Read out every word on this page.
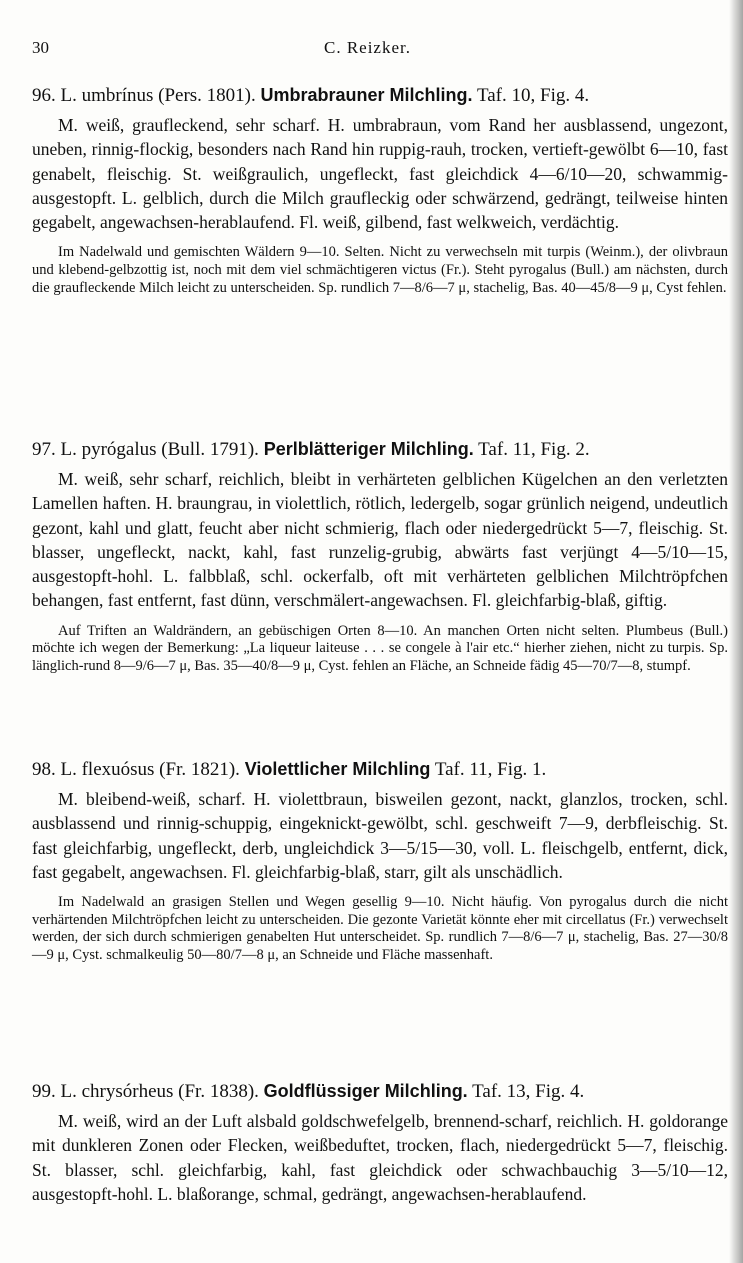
30	C. Reizker.
96. L. umbrínus (Pers. 1801). Umbrabrauner Milchling. Taf. 10, Fig. 4.
M. weiß, graufleckend, sehr scharf. H. umbrabraun, vom Rand her ausblassend, ungezont, uneben, rinnig-flockig, besonders nach Rand hin ruppig-rauh, trocken, vertieft-gewölbt 6—10, fast genabelt, fleischig. St. weißgraulich, ungefleckt, fast gleichdick 4—6/10—20, schwammig-ausgestopft. L. gelblich, durch die Milch graufleckig oder schwärzend, gedrängt, teilweise hinten gegabelt, angewachsen-herablaufend. Fl. weiß, gilbend, fast welkweich, verdächtig.
Im Nadelwald und gemischten Wäldern 9—10. Selten. Nicht zu verwechseln mit turpis (Weinm.), der olivbraun und klebend-gelbzottig ist, noch mit dem viel schmächtigeren victus (Fr.). Steht pyrogalus (Bull.) am nächsten, durch die graufleckende Milch leicht zu unterscheiden. Sp. rundlich 7—8/6—7 μ, stachelig, Bas. 40—45/8—9 μ, Cyst fehlen.
97. L. pyrógalus (Bull. 1791). Perlblätteriger Milchling. Taf. 11, Fig. 2.
M. weiß, sehr scharf, reichlich, bleibt in verhärteten gelblichen Kügelchen an den verletzten Lamellen haften. H. braungrau, in violettlich, rötlich, ledergelb, sogar grünlich neigend, undeutlich gezont, kahl und glatt, feucht aber nicht schmierig, flach oder niedergedrückt 5—7, fleischig. St. blasser, ungefleckt, nackt, kahl, fast runzelig-grubig, abwärts fast verjüngt 4—5/10—15, ausgestopft-hohl. L. falbblaß, schl. ockerfalb, oft mit verhärteten gelblichen Milchtröpfchen behangen, fast entfernt, fast dünn, verschmälert-angewachsen. Fl. gleichfarbig-blaß, giftig.
Auf Triften an Waldrändern, an gebüschigen Orten 8—10. An manchen Orten nicht selten. Plumbeus (Bull.) möchte ich wegen der Bemerkung: „La liqueur laiteuse . . . se congele à l'air etc.“ hierher ziehen, nicht zu turpis. Sp. länglich-rund 8—9/6—7 μ, Bas. 35—40/8—9 μ, Cyst. fehlen an Fläche, an Schneide fädig 45—70/7—8, stumpf.
98. L. flexuósus (Fr. 1821). Violettlicher Milchling Taf. 11, Fig. 1.
M. bleibend-weiß, scharf. H. violettbraun, bisweilen gezont, nackt, glanzlos, trocken, schl. ausblassend und rinnig-schuppig, eingeknickt-gewölbt, schl. geschweift 7—9, derbfleischig. St. fast gleichfarbig, ungefleckt, derb, ungleichdick 3—5/15—30, voll. L. fleischgelb, entfernt, dick, fast gegabelt, angewachsen. Fl. gleichfarbig-blaß, starr, gilt als unschädlich.
Im Nadelwald an grasigen Stellen und Wegen gesellig 9—10. Nicht häufig. Von pyrogalus durch die nicht verhärtenden Milchtröpfchen leicht zu unterscheiden. Die gezonte Varietät könnte eher mit circellatus (Fr.) verwechselt werden, der sich durch schmierigen genabelten Hut unterscheidet. Sp. rundlich 7—8/6—7 μ, stachelig, Bas. 27—30/8—9 μ, Cyst. schmalkeulig 50—80/7—8 μ, an Schneide und Fläche massenhaft.
99. L. chrysórheus (Fr. 1838). Goldflüssiger Milchling. Taf. 13, Fig. 4.
M. weiß, wird an der Luft alsbald goldschwefelgelb, brennend-scharf, reichlich. H. goldorange mit dunkleren Zonen oder Flecken, weißbeduftet, trocken, flach, niedergedrückt 5—7, fleischig. St. blasser, schl. gleichfarbig, kahl, fast gleichdick oder schwachbauchig 3—5/10—12, ausgestopft-hohl. L. blaßorange, schmal, gedrängt, angewachsen-herablaufend.
